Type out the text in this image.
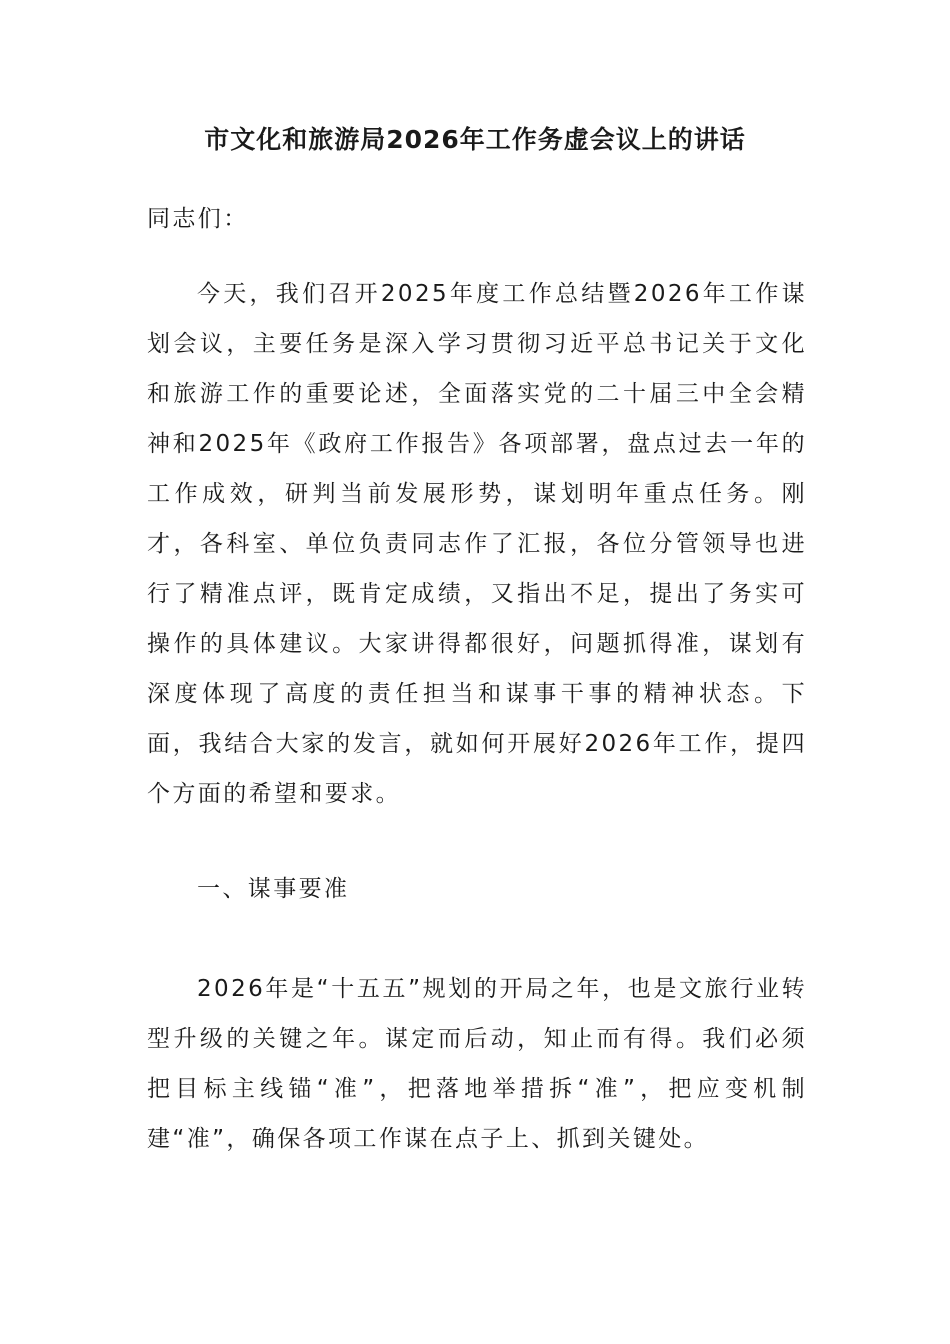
市文化和旅游局2026年工作务虚会议上的讲话

同志们：

今天，我们召开2025年度工作总结暨2026年工作谋划会议，主要任务是深入学习贯彻习近平总书记关于文化和旅游工作的重要论述，全面落实党的二十届三中全会精神和2025年《政府工作报告》各项部署，盘点过去一年的工作成效，研判当前发展形势，谋划明年重点任务。刚才，各科室、单位负责同志作了汇报，各位分管领导也进行了精准点评，既肯定成绩，又指出不足，提出了务实可操作的具体建议。大家讲得都很好，问题抓得准，谋划有深度体现了高度的责任担当和谋事干事的精神状态。下面，我结合大家的发言，就如何开展好2026年工作，提四个方面的希望和要求。

一、谋事要准

2026年是“十五五”规划的开局之年，也是文旅行业转型升级的关键之年。谋定而后动，知止而有得。我们必须把目标主线锚“准”，把落地举措拆“准”，把应变机制建“准”，确保各项工作谋在点子上、抓到关键处。
